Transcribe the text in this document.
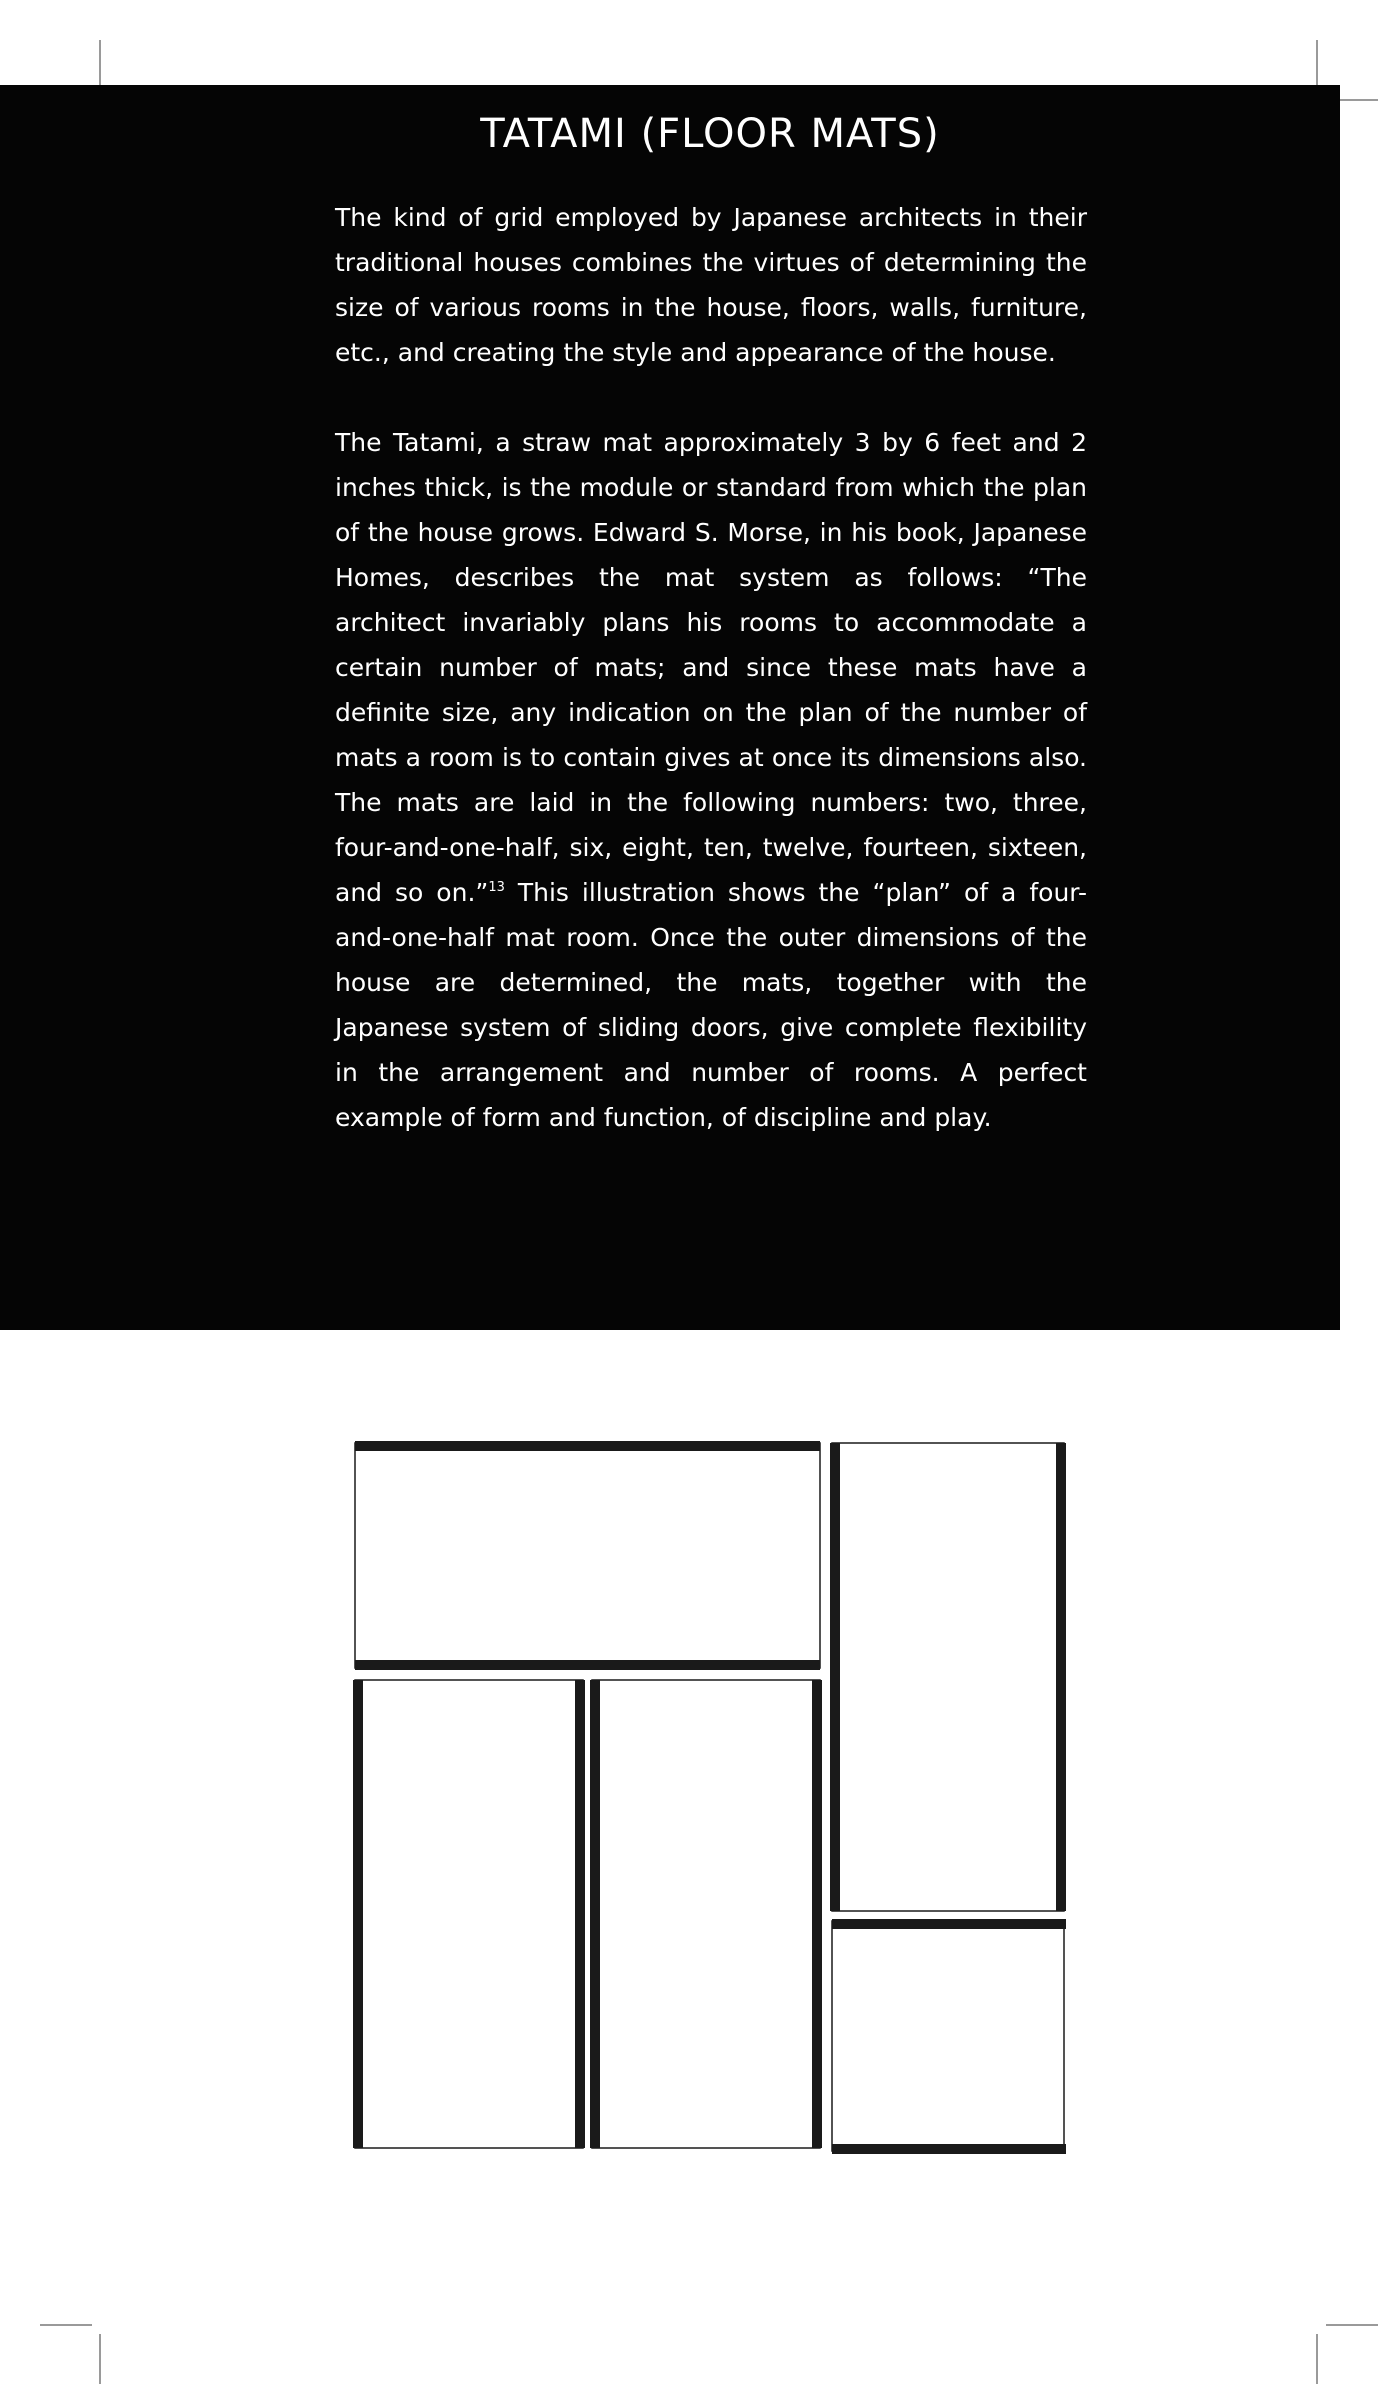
TATAMI (FLOOR MATS)
The kind of grid employed by Japanese architects in their traditional houses combines the virtues of determining the size of various rooms in the house, floors, walls, furniture, etc., and creating the style and appearance of the house.
The Tatami, a straw mat approximately 3 by 6 feet and 2 inches thick, is the module or standard from which the plan of the house grows. Edward S. Morse, in his book, Japanese Homes, describes the mat system as follows: “The architect invariably plans his rooms to accommodate a certain number of mats; and since these mats have a definite size, any indication on the plan of the number of mats a room is to contain gives at once its dimensions also. The mats are laid in the following numbers: two, three, four-and-one-half, six, eight, ten, twelve, fourteen, sixteen, and so on.”$^{13}$ This illustration shows the “plan” of a four-and-one-half mat room. Once the outer dimensions of the house are determined, the mats, together with the Japanese system of sliding doors, give complete flexibility in the arrangement and number of rooms. A perfect example of form and function, of discipline and play.
